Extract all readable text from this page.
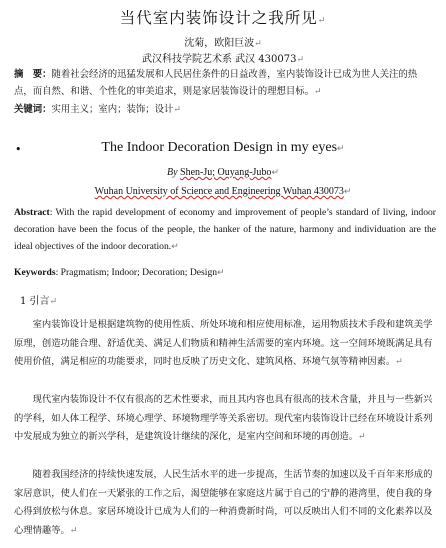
当代室内装饰设计之我所见↵
沈菊，欧阳巨波↵
武汉科技学院艺术系 武汉 430073↵
摘　要：随着社会经济的迅猛发展和人民居住条件的日益改善，室内装饰设计已成为世人关注的热点，而自然、和谐、个性化的审美追求，则是家居装饰设计的理想目标。↵
关键词：实用主义；室内；装饰；设计↵
•	The Indoor Decoration Design in my eyes↵
By Shen-Ju; Ouyang-Jubo↵
Wuhan University of Science and Engineering Wuhan 430073↵
Abstract: With the rapid development of economy and improvement of people’s standard of living, indoor decoration have been the focus of the people, the hanker of the nature, harmony and individuation are the ideal objectives of the indoor decoration.↵
Keywords: Pragmatism; Indoor; Decoration; Design↵
1 引言↵
室内装饰设计是根据建筑物的使用性质、所处环境和相应使用标准，运用物质技术手段和建筑美学原理，创造功能合理、舒适优美、满足人们物质和精神生活需要的室内环境。这一空间环境既满足具有使用价值，满足相应的功能要求，同时也反映了历史文化、建筑风格、环境气氛等精神因素。↵
现代室内装饰设计不仅有很高的艺术性要求，而且其内容也具有很高的技术含量，并且与一些新兴的学科，如人体工程学、环境心理学、环境物理学等关系密切。现代室内装饰设计已经在环境设计系列中发展成为独立的新兴学科，是建筑设计继续的深化，是室内空间和环境的再创造。↵
随着我国经济的持续快速发展，人民生活水平的进一步提高，生活节奏的加速以及千百年来形成的家居意识，使人们在一天紧张的工作之后，渴望能够在家庭这片属于自己的宁静的港湾里，使自我的身心得到放松与休息。家居环境设计已成为人们的一种消费新时尚，可以反映出人们不同的文化素养以及心理情趣等。↵
